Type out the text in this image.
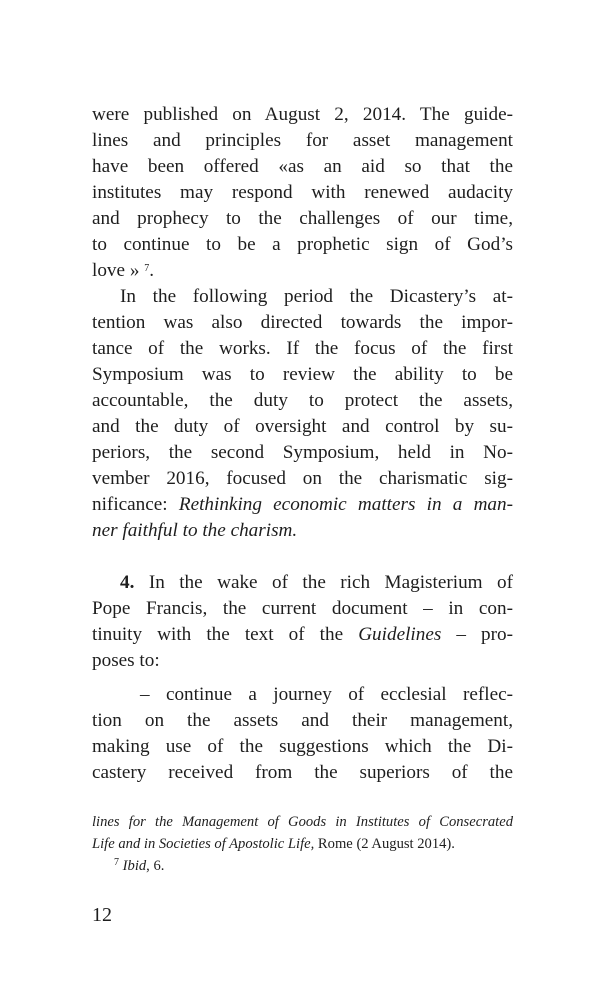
were published on August 2, 2014. The guide-
lines and principles for asset management
have been offered «as an aid so that the
institutes may respond with renewed audacity
and prophecy to the challenges of our time,
to continue to be a prophetic sign of God’s
love » $^7$.
In the following period the Dicastery’s at-
tention was also directed towards the impor-
tance of the works. If the focus of the first
Symposium was to review the ability to be
accountable, the duty to protect the assets,
and the duty of oversight and control by su-
periors, the second Symposium, held in No-
vember 2016, focused on the charismatic sig-
nificance: Rethinking economic matters in a man-
ner faithful to the charism.
4. In the wake of the rich Magisterium of
Pope Francis, the current document – in con-
tinuity with the text of the Guidelines – pro-
poses to:
– continue a journey of ecclesial reflec-
tion on the assets and their management,
making use of the suggestions which the Di-
castery received from the superiors of the
lines for the Management of Goods in Institutes of Consecrated
Life and in Societies of Apostolic Life, Rome (2 August 2014).
$^7$ Ibid, 6.
12
